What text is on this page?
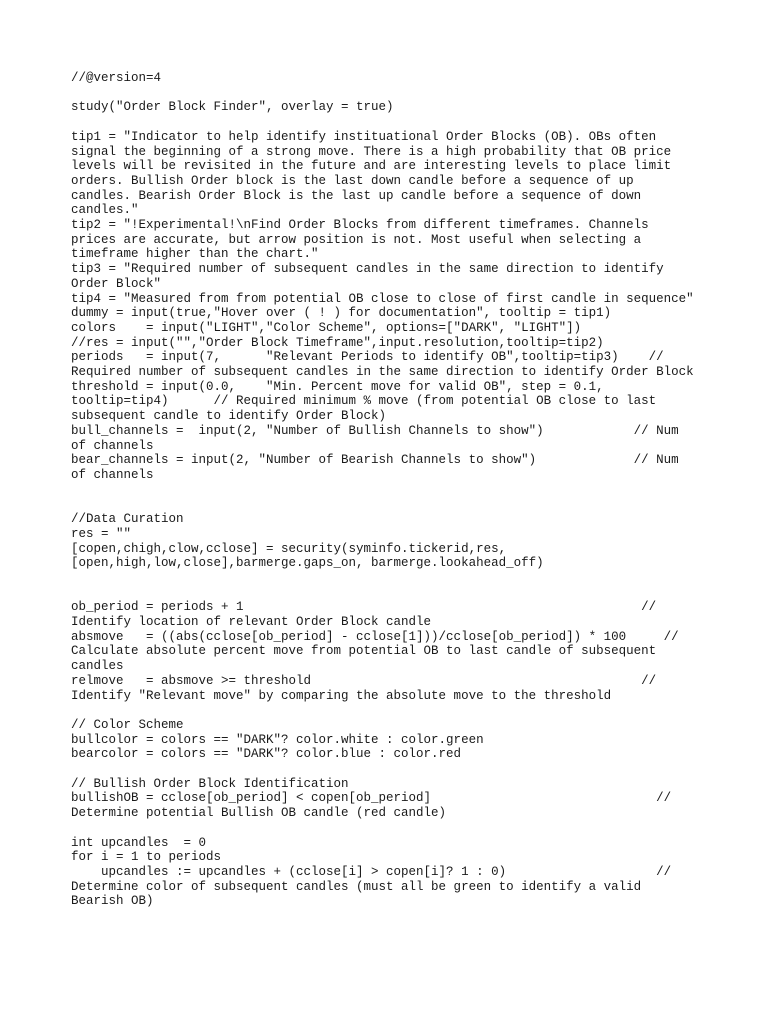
//@version=4

study("Order Block Finder", overlay = true)

tip1 = "Indicator to help identify instituational Order Blocks (OB). OBs often
signal the beginning of a strong move. There is a high probability that OB price
levels will be revisited in the future and are interesting levels to place limit
orders. Bullish Order block is the last down candle before a sequence of up
candles. Bearish Order Block is the last up candle before a sequence of down
candles."
tip2 = "!Experimental!\nFind Order Blocks from different timeframes. Channels
prices are accurate, but arrow position is not. Most useful when selecting a
timeframe higher than the chart."
tip3 = "Required number of subsequent candles in the same direction to identify
Order Block"
tip4 = "Measured from from potential OB close to close of first candle in sequence"
dummy = input(true,"Hover over ( ! ) for documentation", tooltip = tip1)
colors    = input("LIGHT","Color Scheme", options=["DARK", "LIGHT"])
//res = input("","Order Block Timeframe",input.resolution,tooltip=tip2)
periods   = input(7,      "Relevant Periods to identify OB",tooltip=tip3)    //
Required number of subsequent candles in the same direction to identify Order Block
threshold = input(0.0,    "Min. Percent move for valid OB", step = 0.1,
tooltip=tip4)      // Required minimum % move (from potential OB close to last
subsequent candle to identify Order Block)
bull_channels =  input(2, "Number of Bullish Channels to show")            // Num
of channels
bear_channels = input(2, "Number of Bearish Channels to show")             // Num
of channels

//Data Curation
res = ""
[copen,chigh,clow,cclose] = security(syminfo.tickerid,res,
[open,high,low,close],barmerge.gaps_on, barmerge.lookahead_off)

ob_period = periods + 1                                                     //
Identify location of relevant Order Block candle
absmove   = ((abs(cclose[ob_period] - cclose[1]))/cclose[ob_period]) * 100     //
Calculate absolute percent move from potential OB to last candle of subsequent
candles
relmove   = absmove >= threshold                                            //
Identify "Relevant move" by comparing the absolute move to the threshold

// Color Scheme
bullcolor = colors == "DARK"? color.white : color.green
bearcolor = colors == "DARK"? color.blue : color.red

// Bullish Order Block Identification
bullishOB = cclose[ob_period] < copen[ob_period]                              //
Determine potential Bullish OB candle (red candle)

int upcandles  = 0
for i = 1 to periods
upcandles := upcandles + (cclose[i] > copen[i]? 1 : 0)                    //
Determine color of subsequent candles (must all be green to identify a valid
Bearish OB)
